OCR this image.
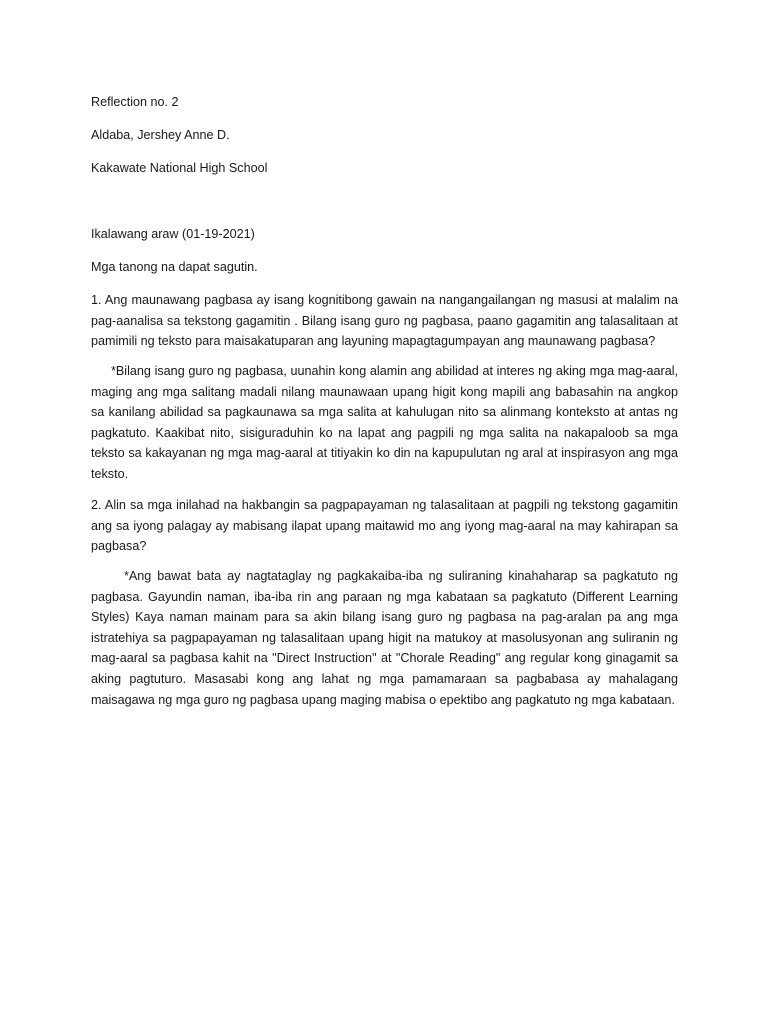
Reflection no. 2
Aldaba, Jershey Anne D.
Kakawate National High School
Ikalawang araw (01-19-2021)
Mga tanong na dapat sagutin.

1. Ang maunawang pagbasa ay isang kognitibong gawain na nangangailangan ng masusi at malalim na pag-aanalisa sa tekstong gagamitin . Bilang isang guro ng pagbasa, paano gagamitin ang talasalitaan at pamimili ng teksto para maisakatuparan ang layuning mapagtagumpayan ang maunawang pagbasa?

*Bilang isang guro ng pagbasa, uunahin kong alamin ang abilidad at interes ng aking mga mag-aaral, maging ang mga salitang madali nilang maunawaan upang higit kong mapili ang babasahin na angkop sa kanilang abilidad sa pagkaunawa sa mga salita at kahulugan nito sa alinmang konteksto at antas ng pagkatuto. Kaakibat nito, sisiguraduhin ko na lapat ang pagpili ng mga salita na nakapaloob sa mga teksto sa kakayanan ng mga mag-aaral at titiyakin ko din na kapupulutan ng aral at inspirasyon ang mga teksto.

2. Alin sa mga inilahad na hakbangin sa pagpapayaman ng talasalitaan at pagpili ng tekstong gagamitin ang sa iyong palagay ay mabisang ilapat upang maitawid mo ang iyong mag-aaral na may kahirapan sa pagbasa?

*Ang bawat bata ay nagtataglay ng pagkakaiba-iba ng suliraning kinahaharap sa pagkatuto ng pagbasa. Gayundin naman, iba-iba rin ang paraan ng mga kabataan sa pagkatuto (Different Learning Styles) Kaya naman mainam para sa akin bilang isang guro ng pagbasa na pag-aralan pa ang mga istratehiya sa pagpapayaman ng talasalitaan upang higit na matukoy at masolusyonan ang suliranin ng mag-aaral sa pagbasa kahit na "Direct Instruction" at "Chorale Reading" ang regular kong ginagamit sa aking pagtuturo. Masasabi kong ang lahat ng mga pamamaraan sa pagbabasa ay mahalagang maisagawa ng mga guro ng pagbasa upang maging mabisa o epektibo ang pagkatuto ng mga kabataan.
